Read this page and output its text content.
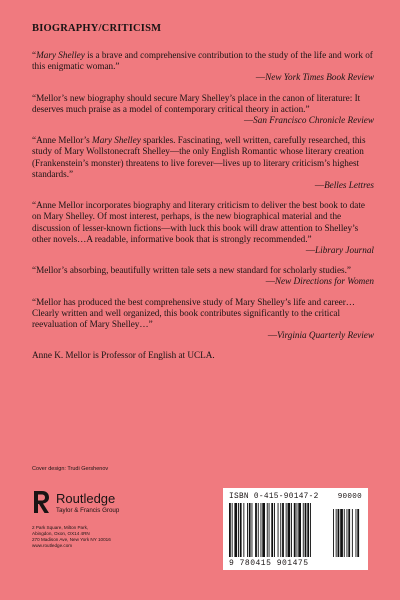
BIOGRAPHY/CRITICISM
“Mary Shelley is a brave and comprehensive contribution to the study of the life and work of this enigmatic woman.”
—New York Times Book Review
“Mellor’s new biography should secure Mary Shelley’s place in the canon of literature: It deserves much praise as a model of contemporary critical theory in action.”
—San Francisco Chronicle Review
“Anne Mellor’s Mary Shelley sparkles. Fascinating, well written, carefully researched, this study of Mary Wollstonecraft Shelley—the only English Romantic whose literary creation (Frankenstein’s monster) threatens to live forever—lives up to literary criticism’s highest standards.”
—Belles Lettres
“Anne Mellor incorporates biography and literary criticism to deliver the best book to date on Mary Shelley. Of most interest, perhaps, is the new biographical material and the discussion of lesser-known fictions—with luck this book will draw attention to Shelley’s other novels…A readable, informative book that is strongly recommended.”
—Library Journal
“Mellor’s absorbing, beautifully written tale sets a new standard for scholarly studies.”
—New Directions for Women
“Mellor has produced the best comprehensive study of Mary Shelley’s life and career…Clearly written and well organized, this book contributes significantly to the critical reevaluation of Mary Shelley…”
—Virginia Quarterly Review
Anne K. Mellor is Professor of English at UCLA.
Cover design: Trudi Gershenov
Routledge
Taylor & Francis Group
2 Park Square, Milton Park,
Abingdon, Oxon, OX14 4RN
270 Madison Ave, New York NY 10016
www.routledge.com
ISBN 0-415-90147-2	90000
9 780415 901475
